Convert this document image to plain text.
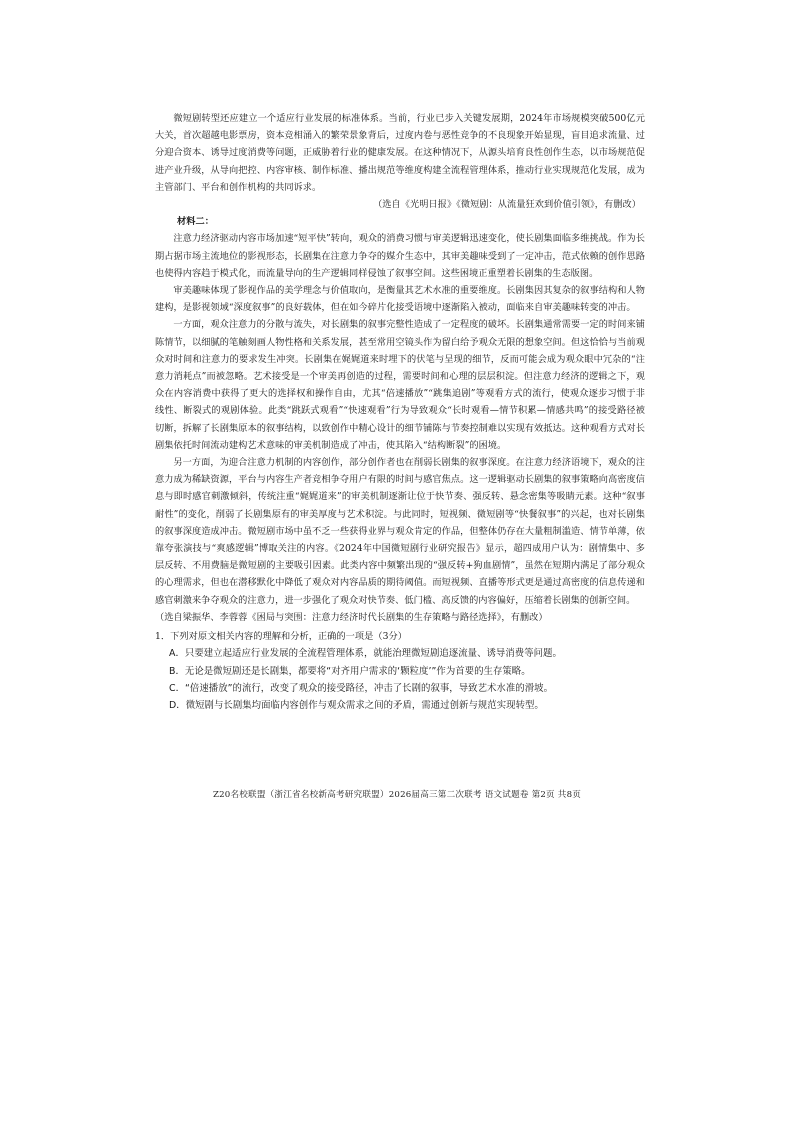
微短剧转型还应建立一个适应行业发展的标准体系。当前，行业已步入关键发展期，2024年市场规模突破500亿元大关，首次超越电影票房，资本竞相涌入的繁荣景象背后，过度内卷与恶性竞争的不良现象开始显现，盲目追求流量、过分迎合资本、诱导过度消费等问题，正威胁着行业的健康发展。在这种情况下，从源头培育良性创作生态，以市场规范促进产业升级，从导向把控、内容审核、制作标准、播出规范等维度构建全流程管理体系，推动行业实现规范化发展，成为主管部门、平台和创作机构的共同诉求。

（选自《光明日报》《微短剧：从流量狂欢到价值引领》，有删改）

材料二：

注意力经济驱动内容市场加速“短平快”转向，观众的消费习惯与审美逻辑迅速变化，使长剧集面临多维挑战。作为长期占据市场主流地位的影视形态，长剧集在注意力争夺的媒介生态中，其审美趣味受到了一定冲击，范式依赖的创作思路也使得内容趋于模式化，而流量导向的生产逻辑同样侵蚀了叙事空间。这些困境正重塑着长剧集的生态版图。

审美趣味体现了影视作品的美学理念与价值取向，是衡量其艺术水准的重要维度。长剧集因其复杂的叙事结构和人物建构，是影视领域“深度叙事”的良好载体，但在如今碎片化接受语境中逐渐陷入被动，面临来自审美趣味转变的冲击。

一方面，观众注意力的分散与流失，对长剧集的叙事完整性造成了一定程度的破坏。长剧集通常需要一定的时间来铺陈情节，以细腻的笔触刻画人物性格和关系发展，甚至常用空镜头作为留白给予观众无限的想象空间。但这恰恰与当前观众对时间和注意力的要求发生冲突。长剧集在娓娓道来时埋下的伏笔与呈现的细节，反而可能会成为观众眼中冗杂的“注意力消耗点”而被忽略。艺术接受是一个审美再创造的过程，需要时间和心理的层层积淀。但注意力经济的逻辑之下，观众在内容消费中获得了更大的选择权和操作自由，尤其“倍速播放”“跳集追剧”等观看方式的流行，使观众逐步习惯于非线性、断裂式的观剧体验。此类“跳跃式观看”“快速观看”行为导致观众“长时观看—情节积累—情感共鸣”的接受路径被切断，拆解了长剧集原本的叙事结构，以致创作中精心设计的细节铺陈与节奏控制难以实现有效抵达。这种观看方式对长剧集依托时间流动建构艺术意味的审美机制造成了冲击，使其陷入“结构断裂”的困境。

另一方面，为迎合注意力机制的内容创作，部分创作者也在削弱长剧集的叙事深度。在注意力经济语境下，观众的注意力成为稀缺资源，平台与内容生产者竞相争夺用户有限的时间与感官焦点。这一逻辑驱动长剧集的叙事策略向高密度信息与即时感官刺激倾斜，传统注重“娓娓道来”的审美机制逐渐让位于快节奏、强反转、悬念密集等吸睛元素。这种“叙事耐性”的变化，削弱了长剧集原有的审美厚度与艺术积淀。与此同时，短视频、微短剧等“快餐叙事”的兴起，也对长剧集的叙事深度造成冲击。微短剧市场中虽不乏一些获得业界与观众肯定的作品，但整体仍存在大量粗制滥造、情节单薄，依靠夸张演技与“爽感逻辑”博取关注的内容。《2024年中国微短剧行业研究报告》显示，超四成用户认为：剧情集中、多层反转、不用费脑是微短剧的主要吸引因素。此类内容中频繁出现的“强反转+狗血剧情”，虽然在短期内满足了部分观众的心理需求，但也在潜移默化中降低了观众对内容品质的期待阈值。而短视频、直播等形式更是通过高密度的信息传递和感官刺激来争夺观众的注意力，进一步强化了观众对快节奏、低门槛、高反馈的内容偏好，压缩着长剧集的创新空间。

（选自梁振华、李蓉蓉《困局与突围：注意力经济时代长剧集的生存策略与路径选择》，有删改）

1．下列对原文相关内容的理解和分析，正确的一项是（3分）

A．只要建立起适应行业发展的全流程管理体系，就能治理微短剧追逐流量、诱导消费等问题。

B．无论是微短剧还是长剧集，都要将“对齐用户需求的‘颗粒度’”作为首要的生存策略。

C．“倍速播放”的流行，改变了观众的接受路径，冲击了长剧的叙事，导致艺术水准的滑坡。

D．微短剧与长剧集均面临内容创作与观众需求之间的矛盾，需通过创新与规范实现转型。

Z20名校联盟（浙江省名校新高考研究联盟）2026届高三第二次联考 语文试题卷 第2页 共8页
